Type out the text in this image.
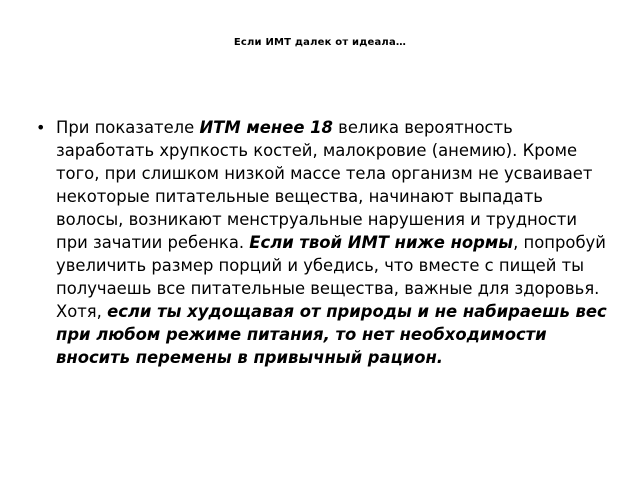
Если ИМТ далек от идеала…
• При показателе ИТМ менее 18 велика вероятность заработать хрупкость костей, малокровие (анемию). Кроме того, при слишком низкой массе тела организм не усваивает некоторые питательные вещества, начинают выпадать волосы, возникают менструальные нарушения и трудности при зачатии ребенка. Если твой ИМТ ниже нормы, попробуй увеличить размер порций и убедись, что вместе с пищей ты получаешь все питательные вещества, важные для здоровья. Хотя, если ты худощавая от природы и не набираешь вес при любом режиме питания, то нет необходимости вносить перемены в привычный рацион.
